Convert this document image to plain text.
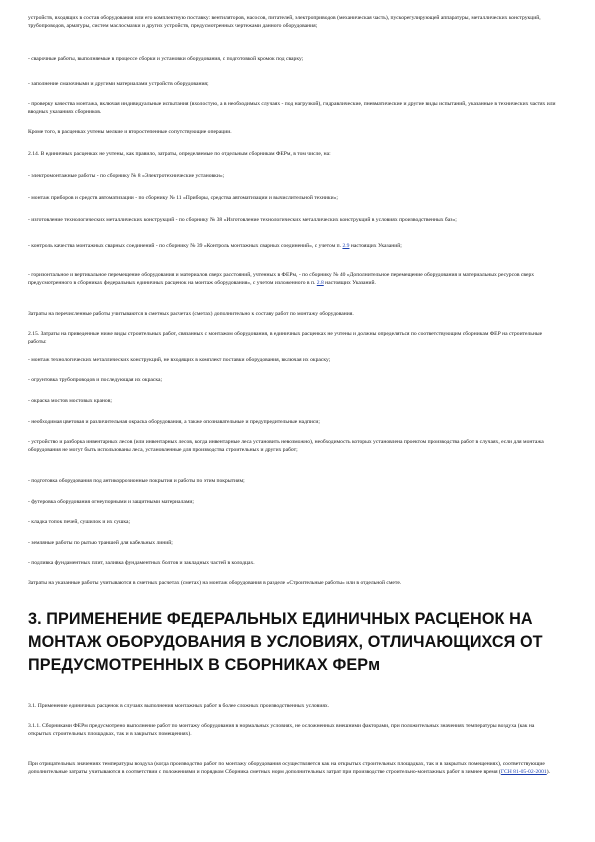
устройств, входящих в состав оборудования или его комплектную поставку: вентиляторов, насосов, питателей, электроприводов (механическая часть), пускорегулирующей аппаратуры, металлических конструкций, трубопроводов, арматуры, систем маслосмазки и других устройств, предусмотренных чертежами данного оборудования;

- сварочные работы, выполняемые в процессе сборки и установки оборудования, с подготовкой кромок под сварку;

- заполнение смазочными и другими материалами устройств оборудования;

- проверку качества монтажа, включая индивидуальные испытания (вхолостую, а в необходимых случаях - под нагрузкой), гидравлические, пневматические и другие виды испытаний, указанные в технических частях или вводных указаниях сборников.

Кроме того, в расценках учтены мелкие и второстепенные сопутствующие операции.

2.14. В единичных расценках не учтены, как правило, затраты, определяемые по отдельным сборникам ФЕРм, в том числе, на:

- электромонтажные работы - по сборнику № 8 «Электротехнические установки»;

- монтаж приборов и средств автоматизации - по сборнику № 11 «Приборы, средства автоматизации и вычислительной техники»;

- изготовление технологических металлических конструкций - по сборнику № 38 «Изготовление технологических металлических конструкций в условиях производственных баз»;

- контроль качества монтажных сварных соединений - по сборнику № 39 «Контроль монтажных сварных соединений», с учетом п. 2.9 настоящих Указаний;

- горизонтальное и вертикальное перемещение оборудования и материалов сверх расстояний, учтенных в ФЕРм, - по сборнику № 40 «Дополнительное перемещение оборудования и материальных ресурсов сверх предусмотренного в сборниках федеральных единичных расценок на монтаж оборудования», с учетом изложенного в п. 2.8 настоящих Указаний.

Затраты на перечисленные работы учитываются в сметных расчетах (сметах) дополнительно к составу работ по монтажу оборудования.

2.15. Затраты на приведенные ниже виды строительных работ, связанных с монтажом оборудования, в единичных расценках не учтены и должны определяться по соответствующим сборникам ФЕР на строительные работы:

- монтаж технологических металлических конструкций, не входящих в комплект поставки оборудования, включая их окраску;

- огрунтовка трубопроводов и последующая их окраска;

- окраска мостов мостовых кранов;

- необходимая цветовая и различительная окраска оборудования, а также опознавательные и предупредительные надписи;

- устройство и разборка инвентарных лесов (или инвентарных лесов, когда инвентарные леса установить невозможно), необходимость которых установлена проектом производства работ в случаях, если для монтажа оборудования не могут быть использованы леса, установленные для производства строительных и других работ;

- подготовка оборудования под антикоррозионные покрытия и работы по этим покрытиям;

- футеровка оборудования огнеупорными и защитными материалами;

- кладка топок печей, сушилок и их сушка;

- земляные работы по рытью траншей для кабельных линий;

- подливка фундаментных плит, заливка фундаментных болтов и закладных частей в колодцах.

Затраты на указанные работы учитываются в сметных расчетах (сметах) на монтаж оборудования в разделе «Строительные работы» или в отдельной смете.

3. ПРИМЕНЕНИЕ ФЕДЕРАЛЬНЫХ ЕДИНИЧНЫХ РАСЦЕНОК НА МОНТАЖ ОБОРУДОВАНИЯ В УСЛОВИЯХ, ОТЛИЧАЮЩИХСЯ ОТ ПРЕДУСМОТРЕННЫХ В СБОРНИКАХ ФЕРм

3.1. Применение единичных расценок в случаях выполнения монтажных работ в более сложных производственных условиях.

3.1.1. Сборниками ФЕРм предусмотрено выполнение работ по монтажу оборудования в нормальных условиях, не осложненных внешними факторами, при положительных значениях температуры воздуха (как на открытых строительных площадках, так и в закрытых помещениях).

При отрицательных значениях температуры воздуха (когда производство работ по монтажу оборудования осуществляется как на открытых строительных площадках, так и в закрытых помещениях), соответствующие дополнительные затраты учитываются в соответствии с положениями и порядком Сборника сметных норм дополнительных затрат при производстве строительно-монтажных работ в зимнее время (ГСН 81-05-02-2001).
